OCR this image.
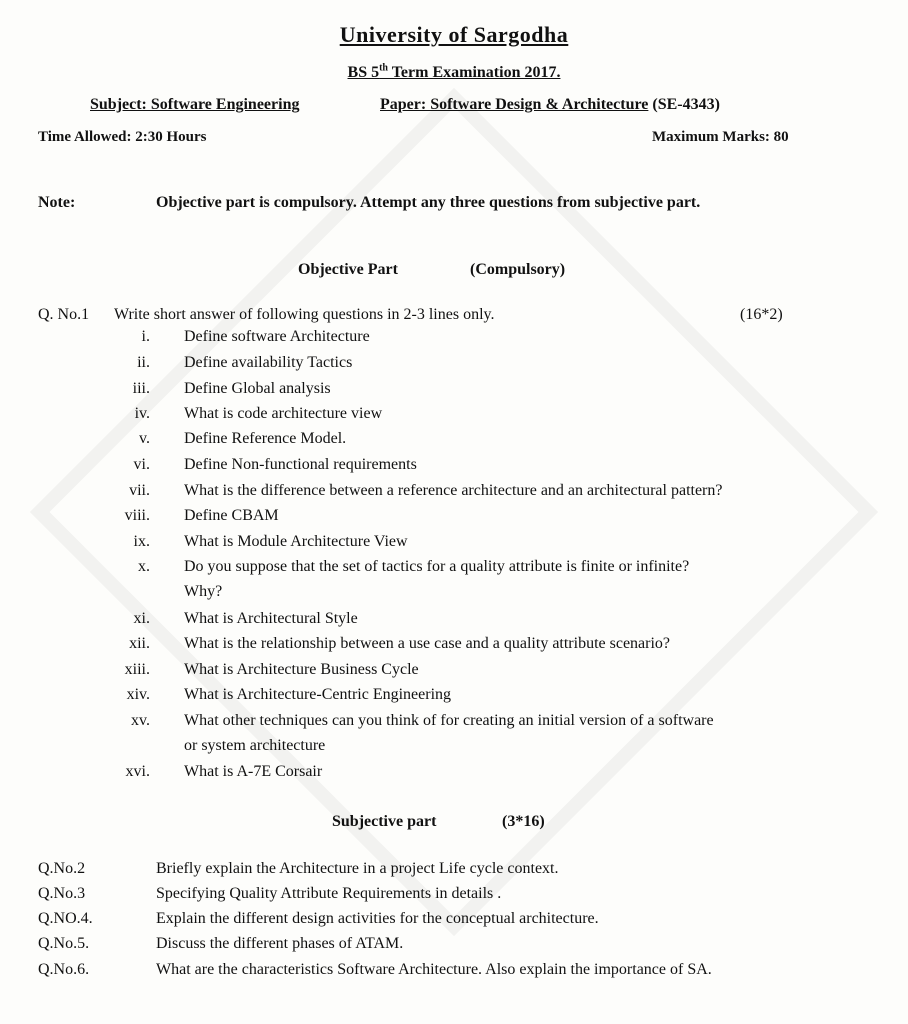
University of Sargodha
BS 5th Term Examination 2017.
Subject: Software Engineering	Paper: Software Design & Architecture (SE-4343)
Time Allowed: 2:30 Hours	Maximum Marks: 80
Note:	Objective part is compulsory. Attempt any three questions from subjective part.
Objective Part	(Compulsory)
Q. No.1 Write short answer of following questions in 2-3 lines only.	(16*2)
i. Define software Architecture
ii. Define availability Tactics
iii. Define Global analysis
iv. What is code architecture view
v. Define Reference Model.
vi. Define Non-functional requirements
vii. What is the difference between a reference architecture and an architectural pattern?
viii. Define CBAM
ix. What is Module Architecture View
x. Do you suppose that the set of tactics for a quality attribute is finite or infinite?
Why?
xi. What is Architectural Style
xii. What is the relationship between a use case and a quality attribute scenario?
xiii. What is Architecture Business Cycle
xiv. What is Architecture-Centric Engineering
xv. What other techniques can you think of for creating an initial version of a software
or system architecture
xvi. What is A-7E Corsair
Subjective part	(3*16)
Q.No.2	Briefly explain the Architecture in a project Life cycle context.
Q.No.3	Specifying Quality Attribute Requirements in details .
Q.NO.4.	Explain the different design activities for the conceptual architecture.
Q.No.5.	Discuss the different phases of ATAM.
Q.No.6.	What are the characteristics Software Architecture. Also explain the importance of SA.
